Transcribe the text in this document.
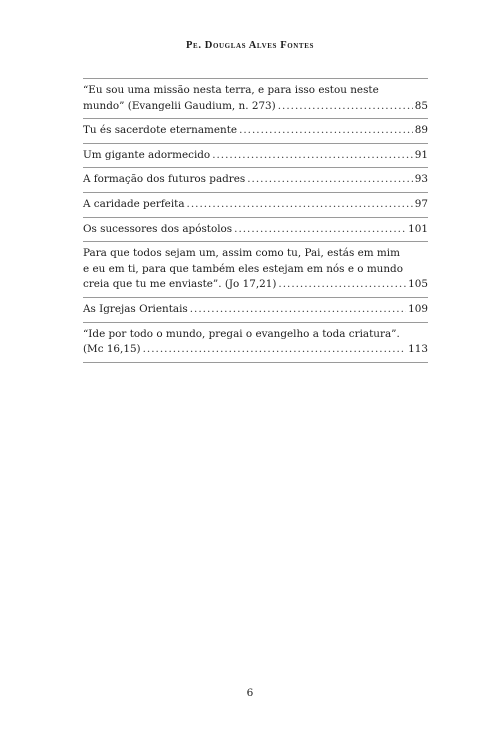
Pe. Douglas Alves Fontes
“Eu sou uma missão nesta terra, e para isso estou neste
mundo” (Evangelii Gaudium, n. 273) .....	85
Tu és sacerdote eternamente .....	89
Um gigante adormecido .....	91
A formação dos futuros padres .....	93
A caridade perfeita .....	97
Os sucessores dos apóstolos .....	101
Para que todos sejam um, assim como tu, Pai, estás em mim
e eu em ti, para que também eles estejam em nós e o mundo
creia que tu me enviaste”. (Jo 17,21) .....	105
As Igrejas Orientais .....	109
“Ide por todo o mundo, pregai o evangelho a toda criatura”.
(Mc 16,15) .....	113
6
